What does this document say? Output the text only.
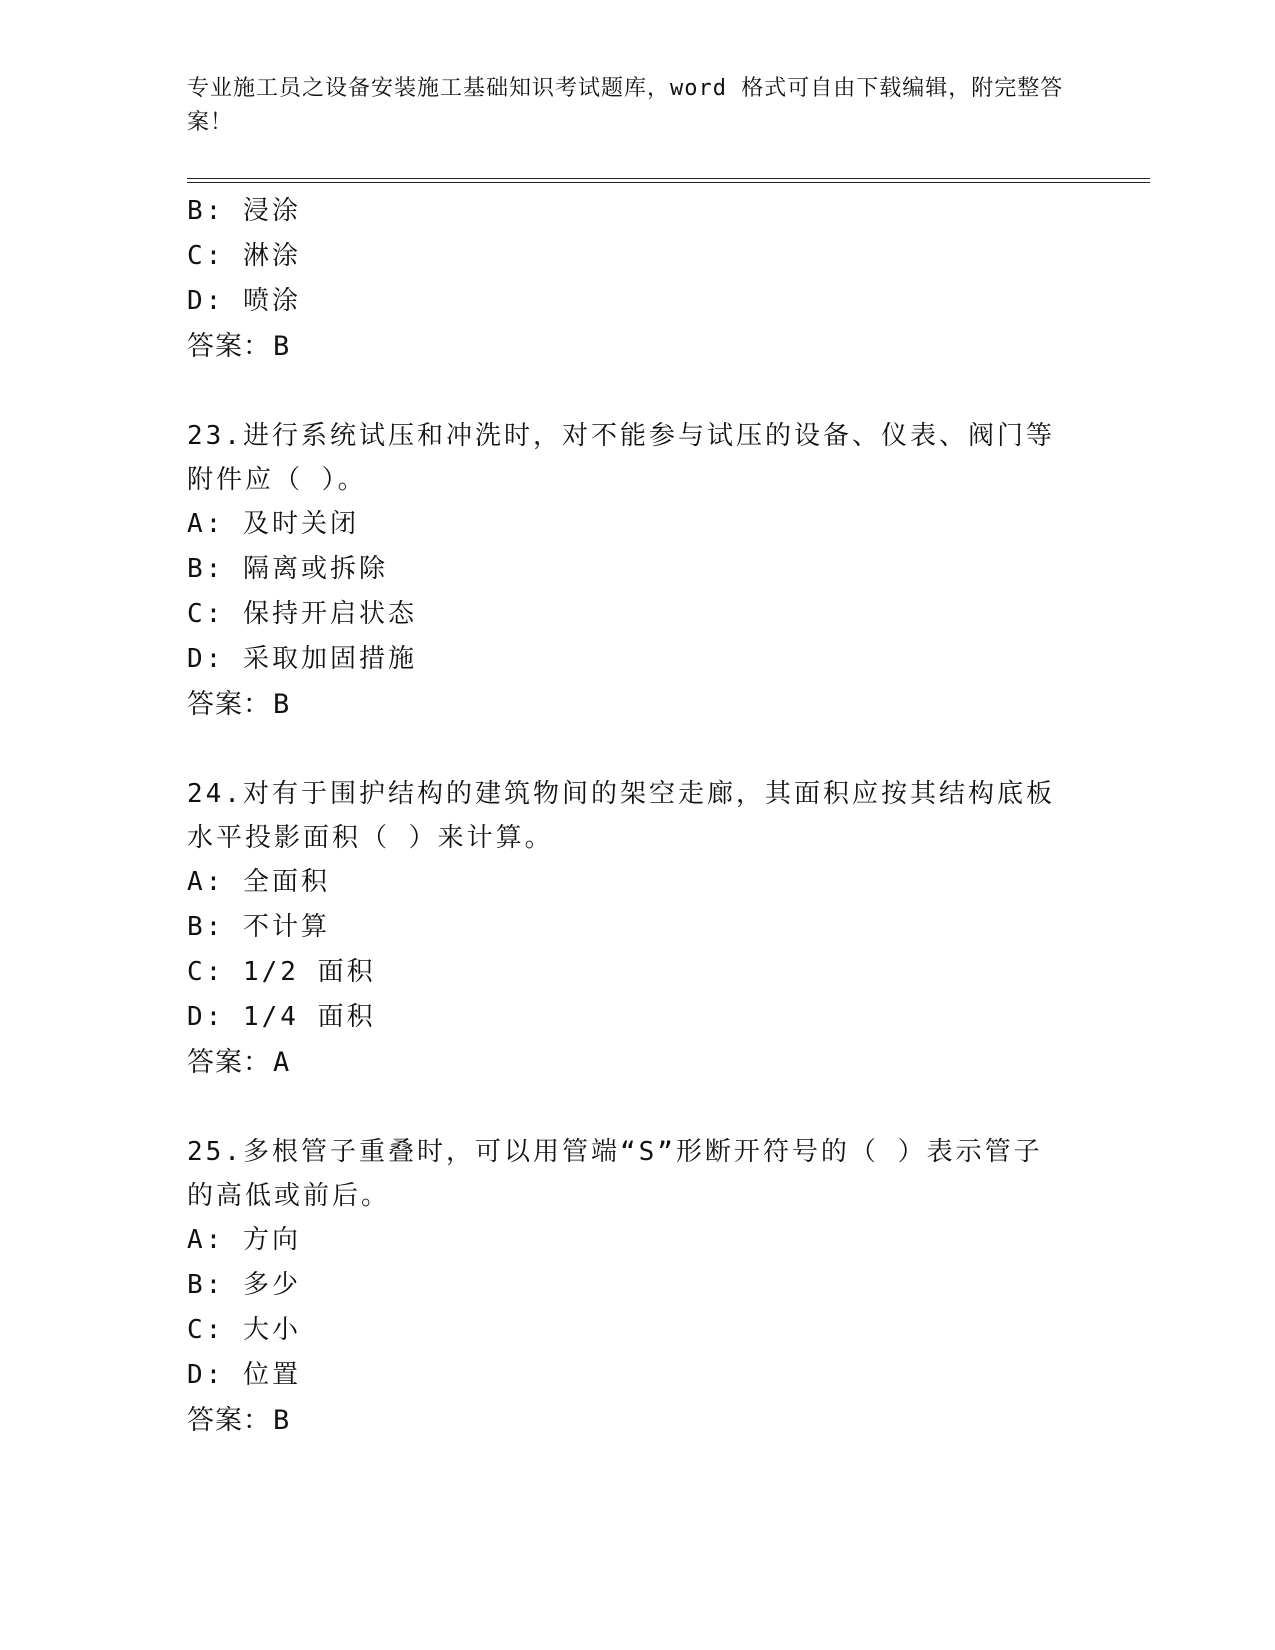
专业施工员之设备安装施工基础知识考试题库，word 格式可自由下载编辑，附完整答案！
B: 浸涂
C: 淋涂
D: 喷涂
答案：B
23.进行系统试压和冲洗时，对不能参与试压的设备、仪表、阀门等附件应（ ）。
A: 及时关闭
B: 隔离或拆除
C: 保持开启状态
D: 采取加固措施
答案：B
24.对有于围护结构的建筑物间的架空走廊，其面积应按其结构底板水平投影面积（ ）来计算。
A: 全面积
B: 不计算
C: 1/2 面积
D: 1/4 面积
答案：A
25.多根管子重叠时，可以用管端“S”形断开符号的（ ）表示管子的高低或前后。
A: 方向
B: 多少
C: 大小
D: 位置
答案：B
